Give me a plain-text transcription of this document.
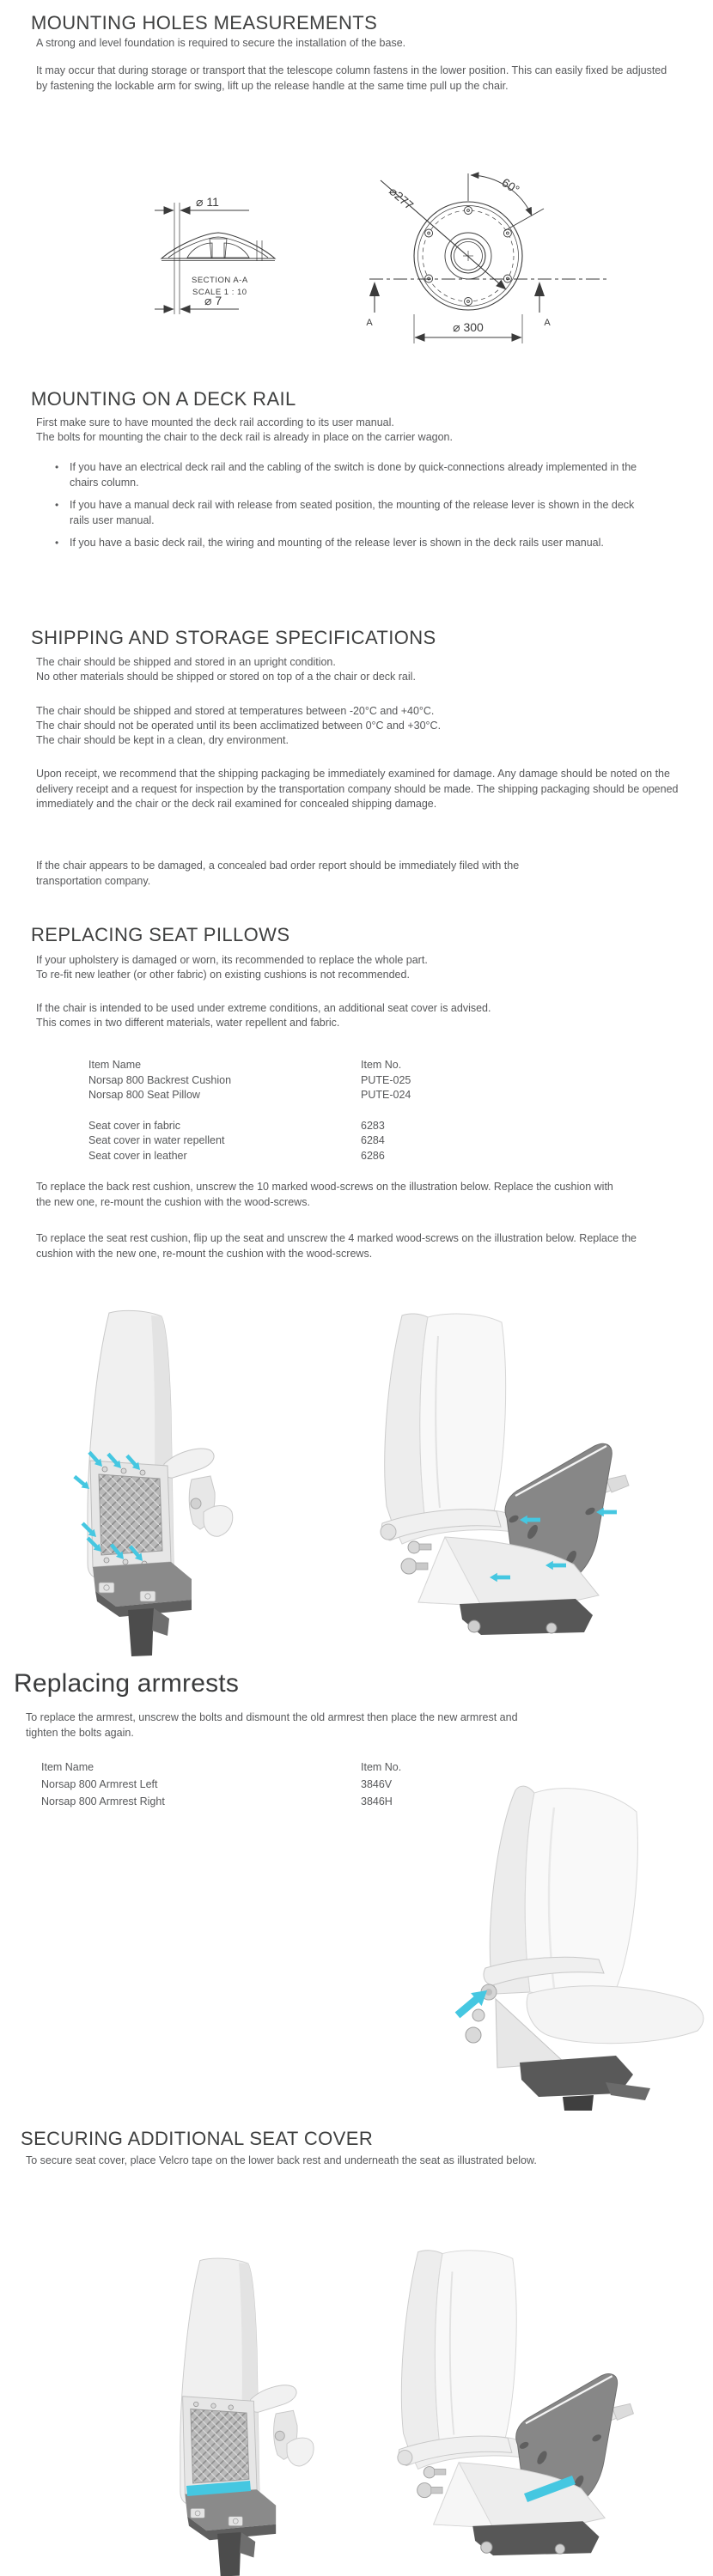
MOUNTING HOLES MEASUREMENTS
A strong and level foundation is required to secure the installation of the base.
It may occur that during storage or transport that the telescope column fastens in the lower position. This can easily fixed be adjusted by fastening the lockable arm for swing, lift up the release handle at the same time pull up the chair.
⌀ 11
⌀ 7
SECTION A-A
SCALE 1 : 10
⌀277	60°
⌀ 300
A	A
MOUNTING ON A DECK RAIL
First make sure to have mounted the deck rail according to its user manual.
The bolts for mounting the chair to the deck rail is already in place on the carrier wagon.
• If you have an electrical deck rail and the cabling of the switch is done by quick-connections already implemented in the chairs column.
• If you have a manual deck rail with release from seated position, the mounting of the release lever is shown in the deck rails user manual.
• If you have a basic deck rail, the wiring and mounting of the release lever is shown in the deck rails user manual.
SHIPPING AND STORAGE SPECIFICATIONS
The chair should be shipped and stored in an upright condition.
No other materials should be shipped or stored on top of a the chair or deck rail.
The chair should be shipped and stored at temperatures between -20°C and +40°C.
The chair should not be operated until its been acclimatized between 0°C and +30°C.
The chair should be kept in a clean, dry environment.
Upon receipt, we recommend that the shipping packaging be immediately examined for damage. Any damage should be noted on the delivery receipt and a request for inspection by the transportation company should be made. The shipping packaging should be opened immediately and the chair or the deck rail examined for concealed shipping damage.
If the chair appears to be damaged, a concealed bad order report should be immediately filed with the transportation company.
REPLACING SEAT PILLOWS
If your upholstery is damaged or worn, its recommended to replace the whole part.
To re-fit new leather (or other fabric) on existing cushions is not recommended.
If the chair is intended to be used under extreme conditions, an additional seat cover is advised.
This comes in two different materials, water repellent and fabric.
Item Name	Item No.
Norsap 800 Backrest Cushion	PUTE-025
Norsap 800 Seat Pillow	PUTE-024
Seat cover in fabric	6283
Seat cover in water repellent	6284
Seat cover in leather	6286
To replace the back rest cushion, unscrew the 10 marked wood-screws on the illustration below. Replace the cushion with the new one, re-mount the cushion with the wood-screws.
To replace the seat rest cushion, flip up the seat and unscrew the 4 marked wood-screws on the illustration below. Replace the cushion with the new one, re-mount the cushion with the wood-screws.
Replacing armrests
To replace the armrest, unscrew the bolts and dismount the old armrest then place the new armrest and tighten the bolts again.
Item Name	Item No.
Norsap 800 Armrest Left	3846V
Norsap 800 Armrest Right	3846H
SECURING ADDITIONAL SEAT COVER
To secure seat cover, place Velcro tape on the lower back rest and underneath the seat as illustrated below.
